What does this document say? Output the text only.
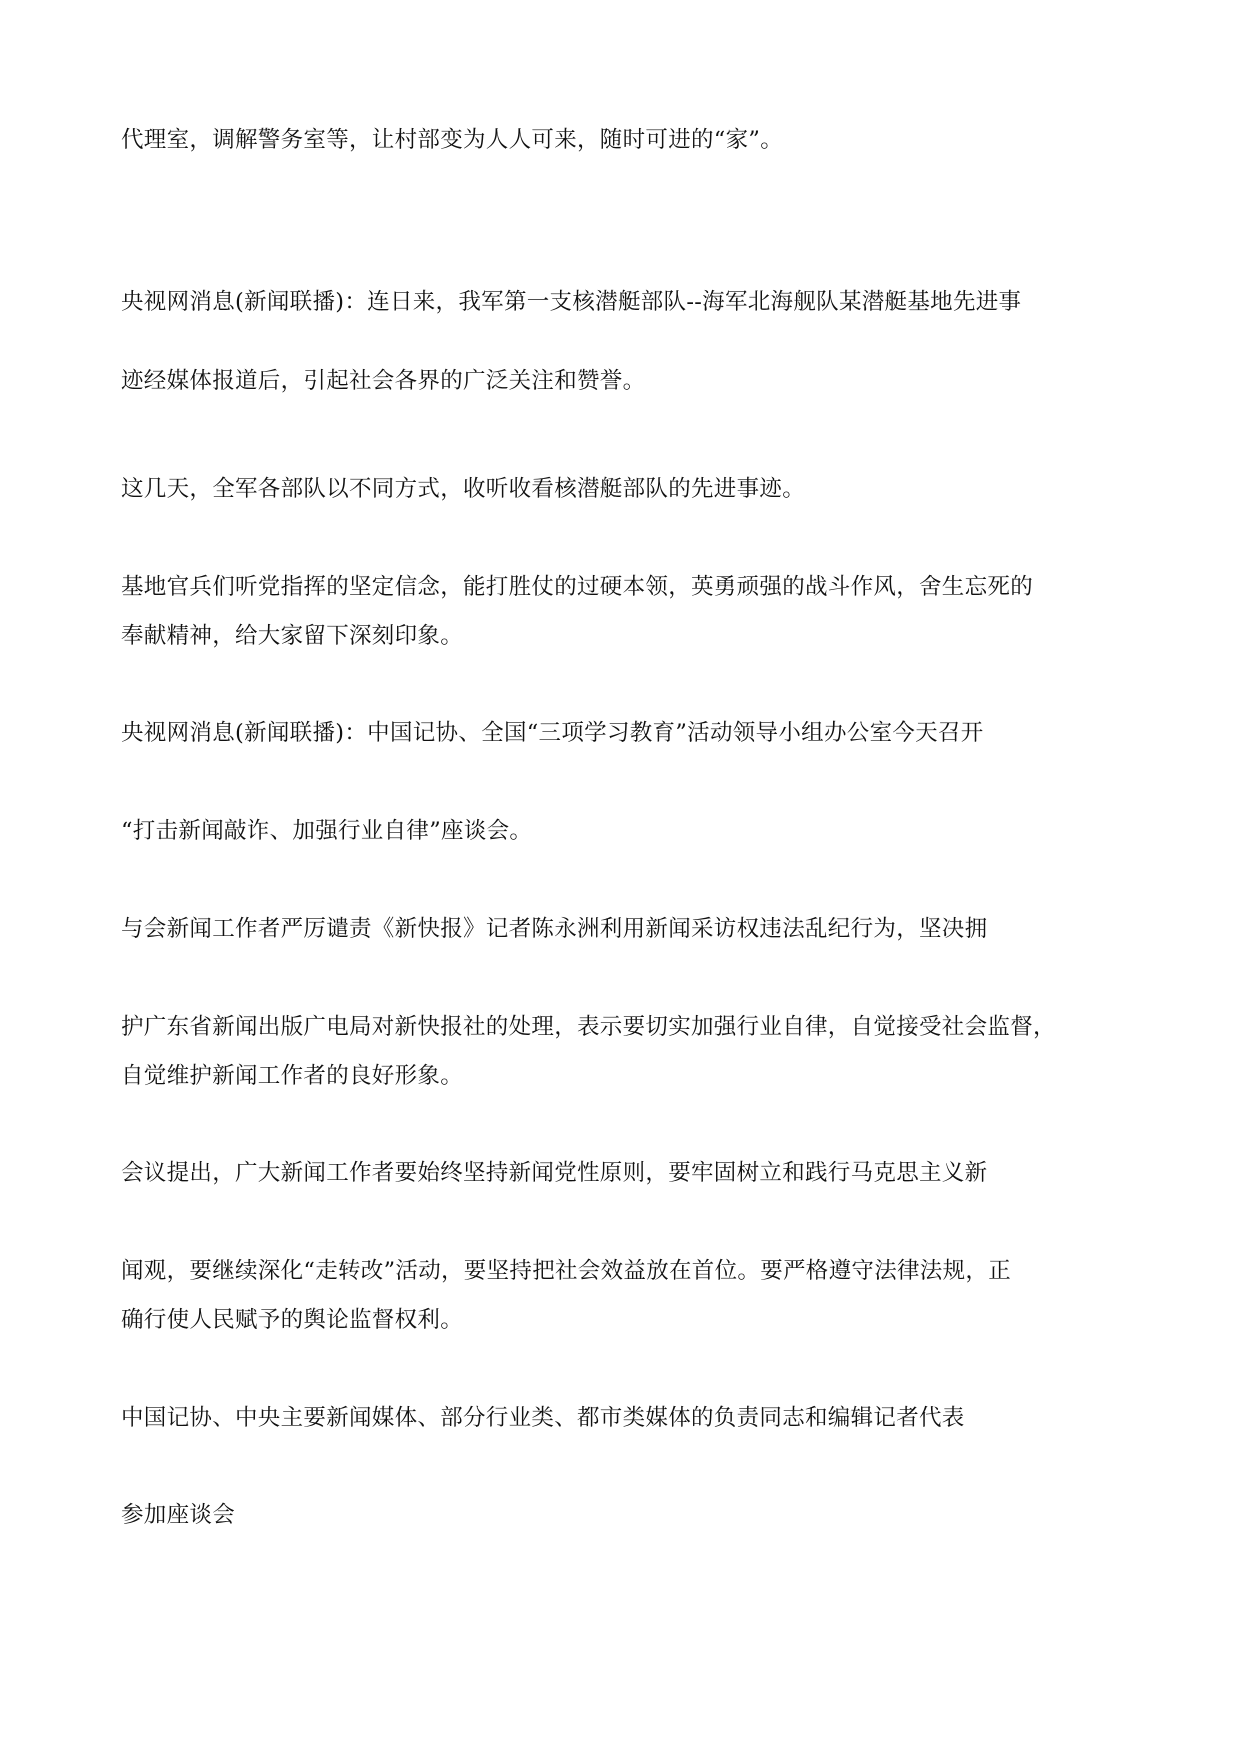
代理室，调解警务室等，让村部变为人人可来，随时可进的“家”。

央视网消息(新闻联播)：连日来，我军第一支核潜艇部队--海军北海舰队某潜艇基地先进事

迹经媒体报道后，引起社会各界的广泛关注和赞誉。

这几天，全军各部队以不同方式，收听收看核潜艇部队的先进事迹。

基地官兵们听党指挥的坚定信念，能打胜仗的过硬本领，英勇顽强的战斗作风，舍生忘死的

奉献精神，给大家留下深刻印象。

央视网消息(新闻联播)：中国记协、全国“三项学习教育”活动领导小组办公室今天召开

“打击新闻敲诈、加强行业自律”座谈会。

与会新闻工作者严厉谴责《新快报》记者陈永洲利用新闻采访权违法乱纪行为，坚决拥

护广东省新闻出版广电局对新快报社的处理，表示要切实加强行业自律，自觉接受社会监督，

自觉维护新闻工作者的良好形象。

会议提出，广大新闻工作者要始终坚持新闻党性原则，要牢固树立和践行马克思主义新

闻观，要继续深化“走转改”活动，要坚持把社会效益放在首位。要严格遵守法律法规，正

确行使人民赋予的舆论监督权利。

中国记协、中央主要新闻媒体、部分行业类、都市类媒体的负责同志和编辑记者代表

参加座谈会
